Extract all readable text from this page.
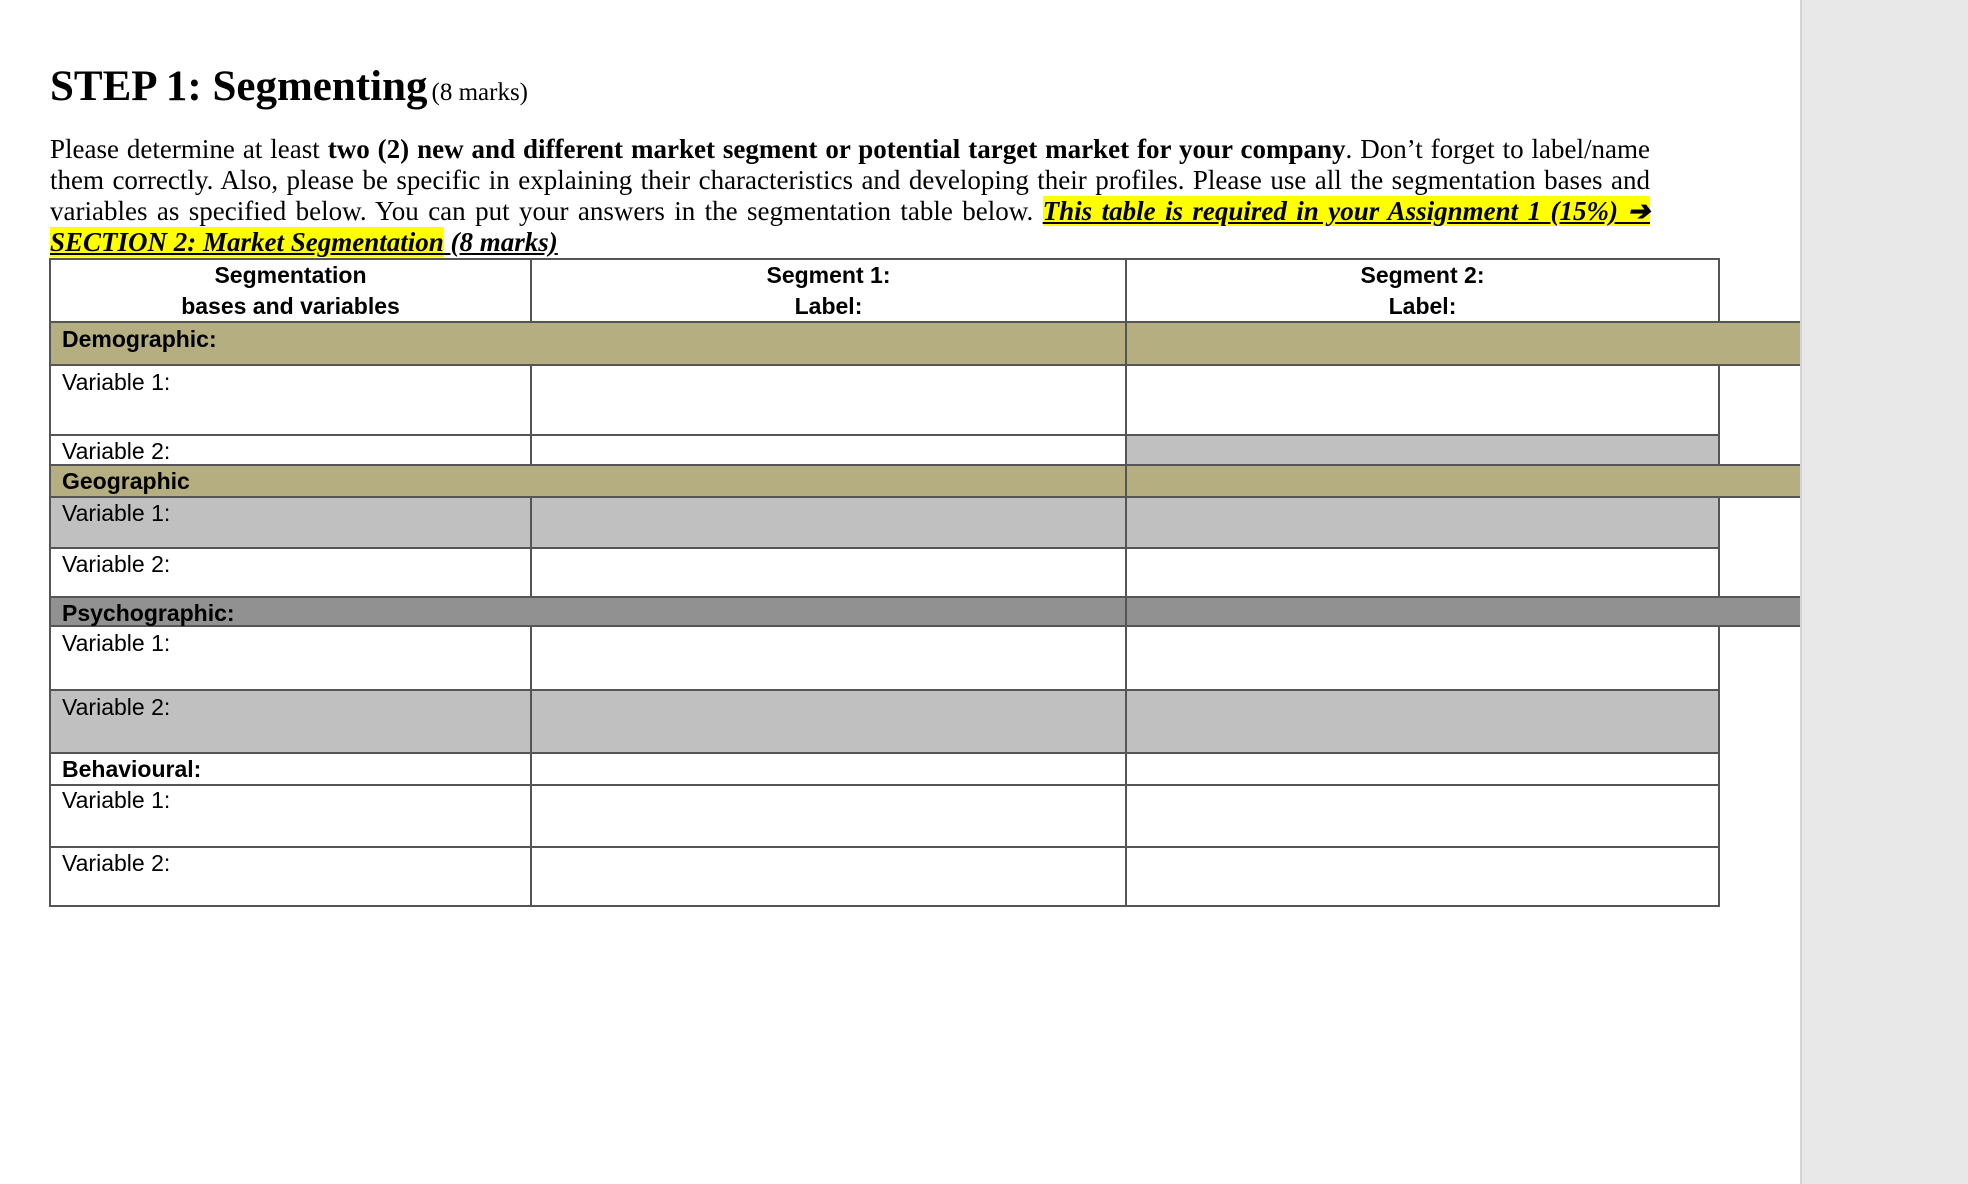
STEP 1: Segmenting (8 marks)
Please determine at least two (2) new and different market segment or potential target market for your company. Don’t forget to label/name them correctly. Also, please be specific in explaining their characteristics and developing their profiles. Please use all the segmentation bases and variables as specified below. You can put your answers in the segmentation table below. This table is required in your Assignment 1 (15%) ➔ SECTION 2: Market Segmentation (8 marks)
Segmentation
bases and variables
Segment 1:
Label:
Segment 2:
Label:
Demographic:
Variable 1:
Variable 2:
Geographic
Variable 1:
Variable 2:
Psychographic:
Variable 1:
Variable 2:
Behavioural:
Variable 1:
Variable 2:
